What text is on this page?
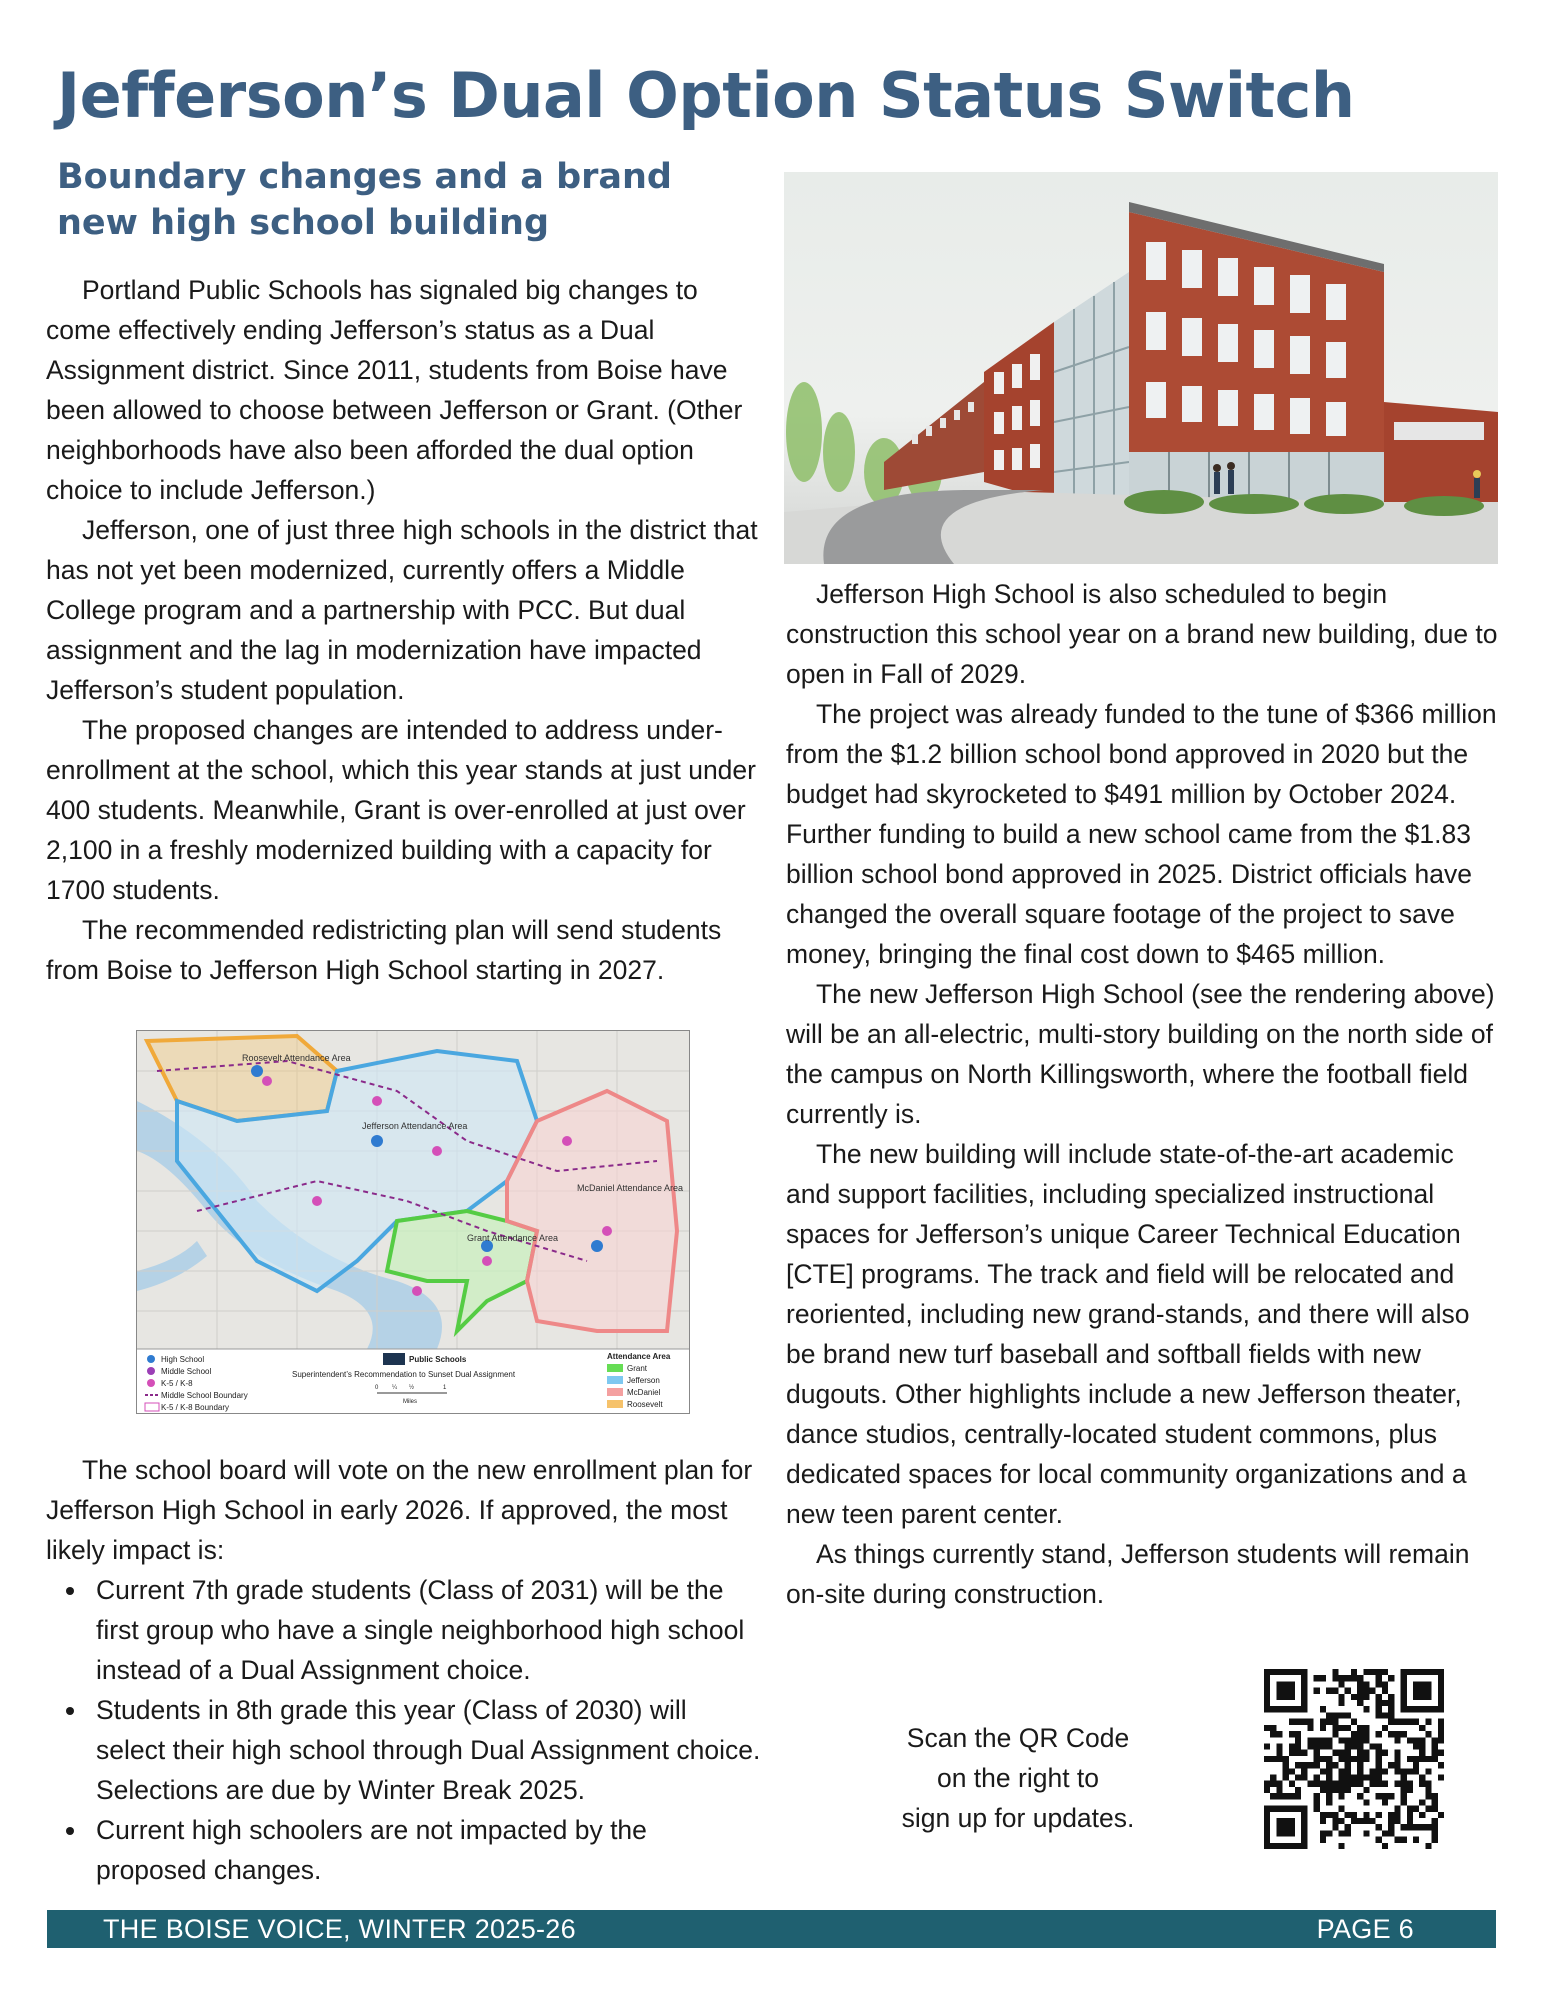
Jefferson’s Dual Option Status Switch
Boundary changes and a brand new high school building

Portland Public Schools has signaled big changes to come effectively ending Jefferson’s status as a Dual Assignment district. Since 2011, students from Boise have been allowed to choose between Jefferson or Grant. (Other neighborhoods have also been afforded the dual option choice to include Jefferson.)

Jefferson, one of just three high schools in the district that has not yet been modernized, currently offers a Middle College program and a partnership with PCC. But dual assignment and the lag in modernization have impacted Jefferson’s student population.

The proposed changes are intended to address under-enrollment at the school, which this year stands at just under 400 students. Meanwhile, Grant is over-enrolled at just over 2,100 in a freshly modernized building with a capacity for 1700 students.

The recommended redistricting plan will send students from Boise to Jefferson High School starting in 2027.

Roosevelt Attendance Area
Jefferson Attendance Area
Grant Attendance Area
McDaniel Attendance Area
High School
Middle School
K-5 / K-8
Middle School Boundary
K-5 / K-8 Boundary
Public Schools
Superintendent’s Recommendation to Sunset Dual Assignment
0 ¼ ½	1
Miles
Attendance Area
Grant
Jefferson
McDaniel
Roosevelt

The school board will vote on the new enrollment plan for Jefferson High School in early 2026. If approved, the most likely impact is:

Current 7th grade students (Class of 2031) will be the first group who have a single neighborhood high school instead of a Dual Assignment choice.
Students in 8th grade this year (Class of 2030) will select their high school through Dual Assignment choice. Selections are due by Winter Break 2025.
Current high schoolers are not impacted by the proposed changes.

Jefferson High School is also scheduled to begin construction this school year on a brand new building, due to open in Fall of 2029.

The project was already funded to the tune of $366 million from the $1.2 billion school bond approved in 2020 but the budget had skyrocketed to $491 million by October 2024. Further funding to build a new school came from the $1.83 billion school bond approved in 2025. District officials have changed the overall square footage of the project to save money, bringing the final cost down to $465 million.

The new Jefferson High School (see the rendering above) will be an all-electric, multi-story building on the north side of the campus on North Killingsworth, where the football field currently is.

The new building will include state-of-the-art academic and support facilities, including specialized instructional spaces for Jefferson’s unique Career Technical Education [CTE] programs. The track and field will be relocated and reoriented, including new grand-stands, and there will also be brand new turf baseball and softball fields with new dugouts. Other highlights include a new Jefferson theater, dance studios, centrally-located student commons, plus dedicated spaces for local community organizations and a new teen parent center.

As things currently stand, Jefferson students will remain on-site during construction.

Scan the QR Code
on the right to
sign up for updates.
THE BOISE VOICE, WINTER 2025-26	PAGE 6
